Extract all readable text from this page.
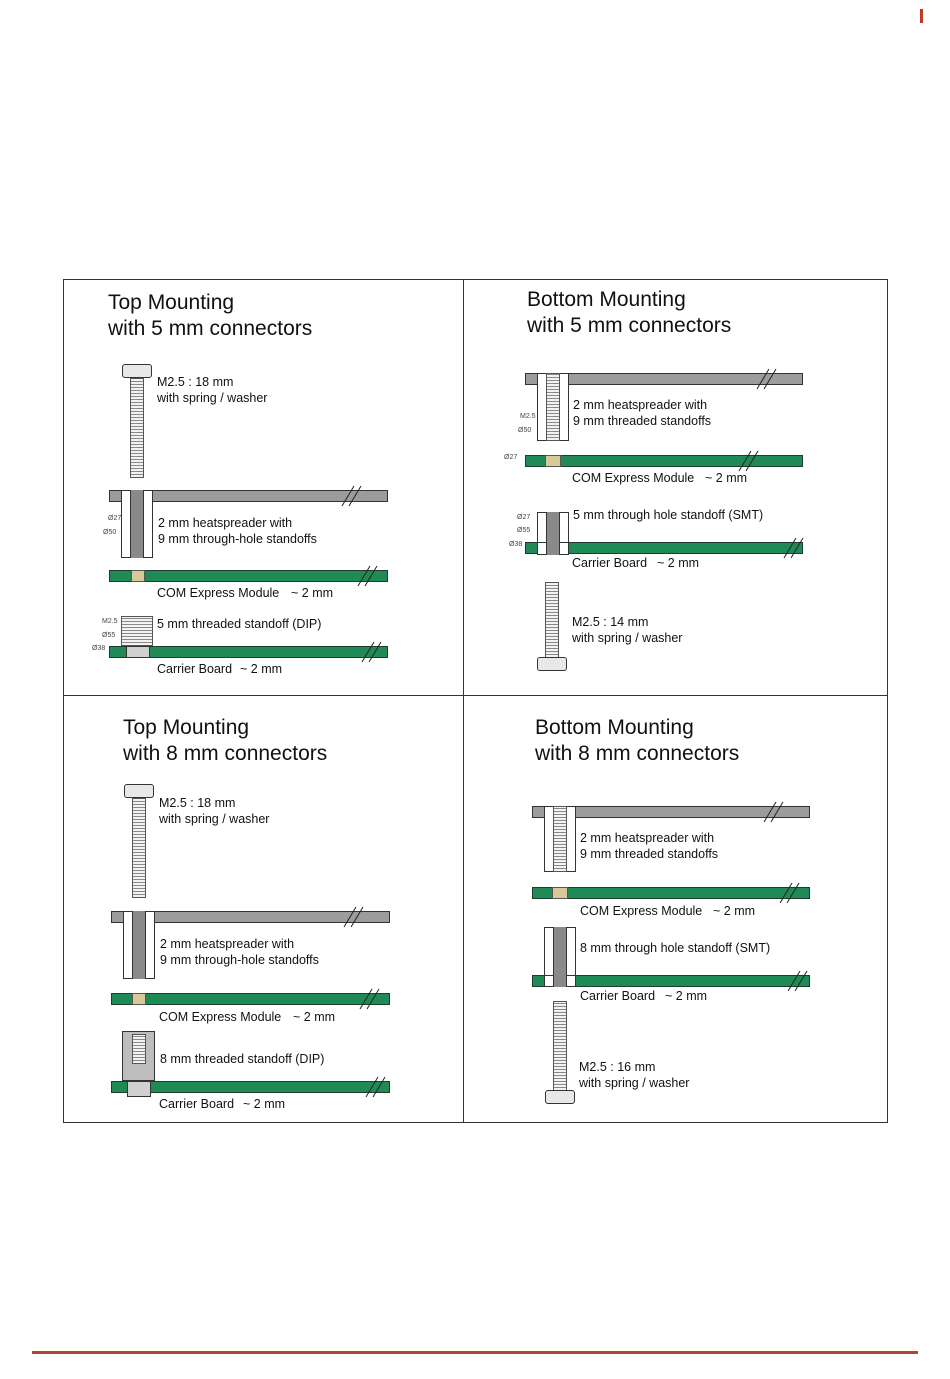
Top Mounting
with 5 mm connectors
M2.5 : 18 mm
with spring / washer
Ø27
Ø50
2 mm heatspreader with
9 mm through-hole standoffs
COM Express Module ~ 2 mm
M2.5
Ø55
Ø38
5 mm threaded standoff (DIP)
Carrier Board ~ 2 mm
Bottom Mounting
with 5 mm connectors
M2.5
Ø50
2 mm heatspreader with
9 mm threaded standoffs
Ø27
COM Express Module ~ 2 mm
Ø27
Ø55
Ø38
5 mm through hole standoff (SMT)
Carrier Board ~ 2 mm
M2.5 : 14 mm
with spring / washer
Top Mounting
with 8 mm connectors
M2.5 : 18 mm
with spring / washer
2 mm heatspreader with
9 mm through-hole standoffs
COM Express Module ~ 2 mm
8 mm threaded standoff (DIP)
Carrier Board ~ 2 mm
Bottom Mounting
with 8 mm connectors
2 mm heatspreader with
9 mm threaded standoffs
COM Express Module ~ 2 mm
8 mm through hole standoff (SMT)
Carrier Board ~ 2 mm
M2.5 : 16 mm
with spring / washer
